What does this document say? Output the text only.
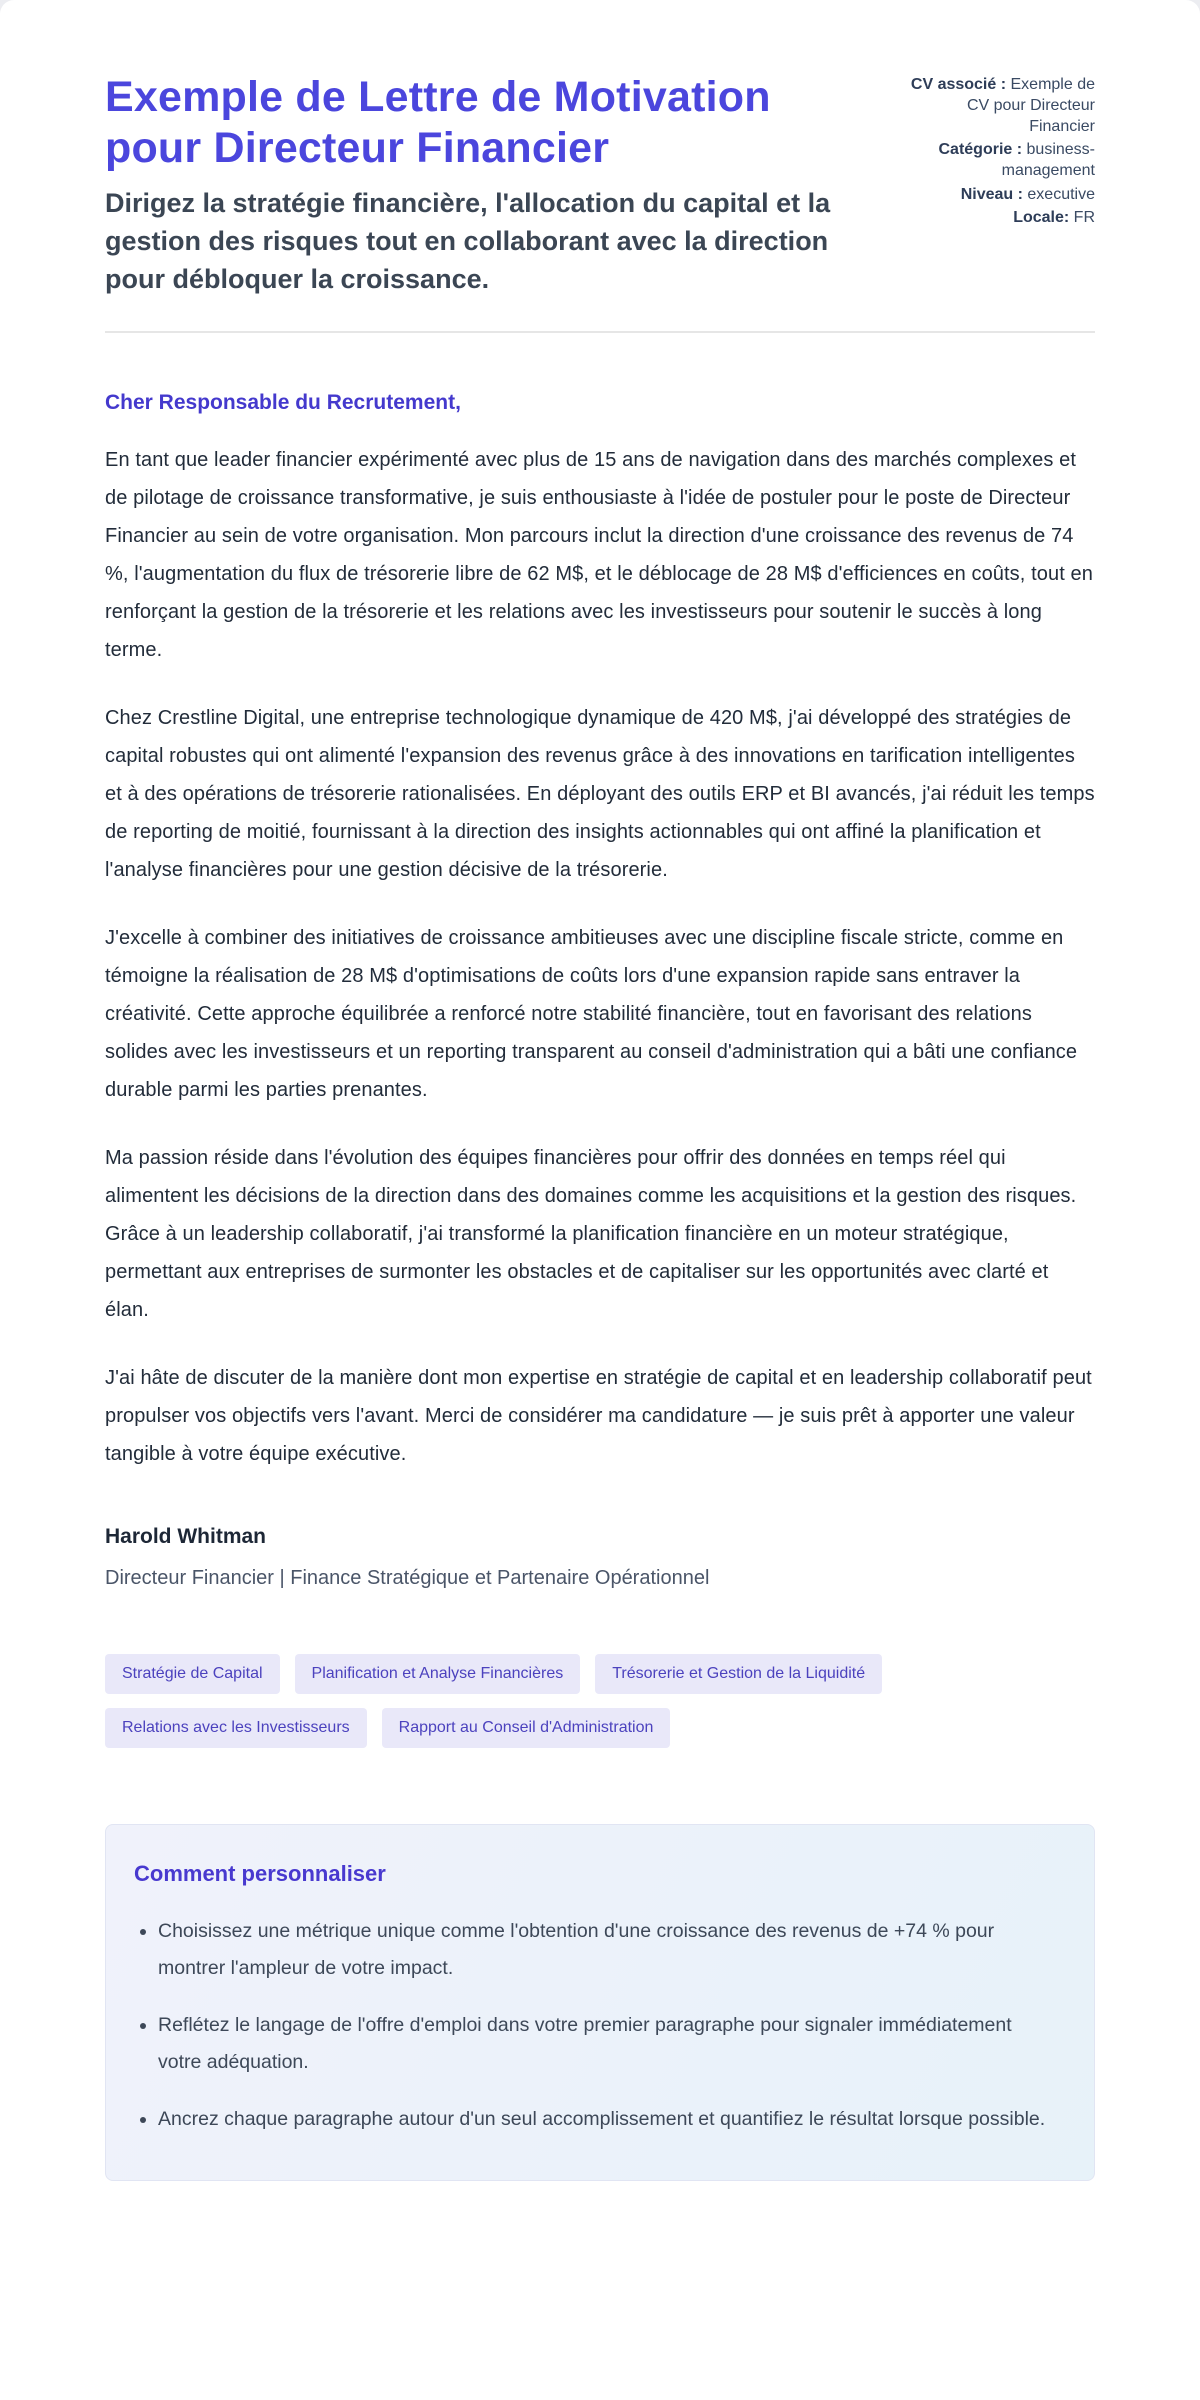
Exemple de Lettre de Motivation pour Directeur Financier
Dirigez la stratégie financière, l'allocation du capital et la gestion des risques tout en collaborant avec la direction pour débloquer la croissance.
CV associé : Exemple de CV pour Directeur Financier
Catégorie : business-management
Niveau : executive
Locale: FR

Cher Responsable du Recrutement,

En tant que leader financier expérimenté avec plus de 15 ans de navigation dans des marchés complexes et de pilotage de croissance transformative, je suis enthousiaste à l'idée de postuler pour le poste de Directeur Financier au sein de votre organisation. Mon parcours inclut la direction d'une croissance des revenus de 74 %, l'augmentation du flux de trésorerie libre de 62 M$, et le déblocage de 28 M$ d'efficiences en coûts, tout en renforçant la gestion de la trésorerie et les relations avec les investisseurs pour soutenir le succès à long terme.

Chez Crestline Digital, une entreprise technologique dynamique de 420 M$, j'ai développé des stratégies de capital robustes qui ont alimenté l'expansion des revenus grâce à des innovations en tarification intelligentes et à des opérations de trésorerie rationalisées. En déployant des outils ERP et BI avancés, j'ai réduit les temps de reporting de moitié, fournissant à la direction des insights actionnables qui ont affiné la planification et l'analyse financières pour une gestion décisive de la trésorerie.

J'excelle à combiner des initiatives de croissance ambitieuses avec une discipline fiscale stricte, comme en témoigne la réalisation de 28 M$ d'optimisations de coûts lors d'une expansion rapide sans entraver la créativité. Cette approche équilibrée a renforcé notre stabilité financière, tout en favorisant des relations solides avec les investisseurs et un reporting transparent au conseil d'administration qui a bâti une confiance durable parmi les parties prenantes.

Ma passion réside dans l'évolution des équipes financières pour offrir des données en temps réel qui alimentent les décisions de la direction dans des domaines comme les acquisitions et la gestion des risques. Grâce à un leadership collaboratif, j'ai transformé la planification financière en un moteur stratégique, permettant aux entreprises de surmonter les obstacles et de capitaliser sur les opportunités avec clarté et élan.

J'ai hâte de discuter de la manière dont mon expertise en stratégie de capital et en leadership collaboratif peut propulser vos objectifs vers l'avant. Merci de considérer ma candidature — je suis prêt à apporter une valeur tangible à votre équipe exécutive.

Harold Whitman

Directeur Financier | Finance Stratégique et Partenaire Opérationnel

Stratégie de Capital	Planification et Analyse Financières	Trésorerie et Gestion de la Liquidité
Relations avec les Investisseurs	Rapport au Conseil d'Administration
Comment personnaliser
• Choisissez une métrique unique comme l'obtention d'une croissance des revenus de +74 % pour montrer l'ampleur de votre impact.
• Reflétez le langage de l'offre d'emploi dans votre premier paragraphe pour signaler immédiatement votre adéquation.
• Ancrez chaque paragraphe autour d'un seul accomplissement et quantifiez le résultat lorsque possible.
